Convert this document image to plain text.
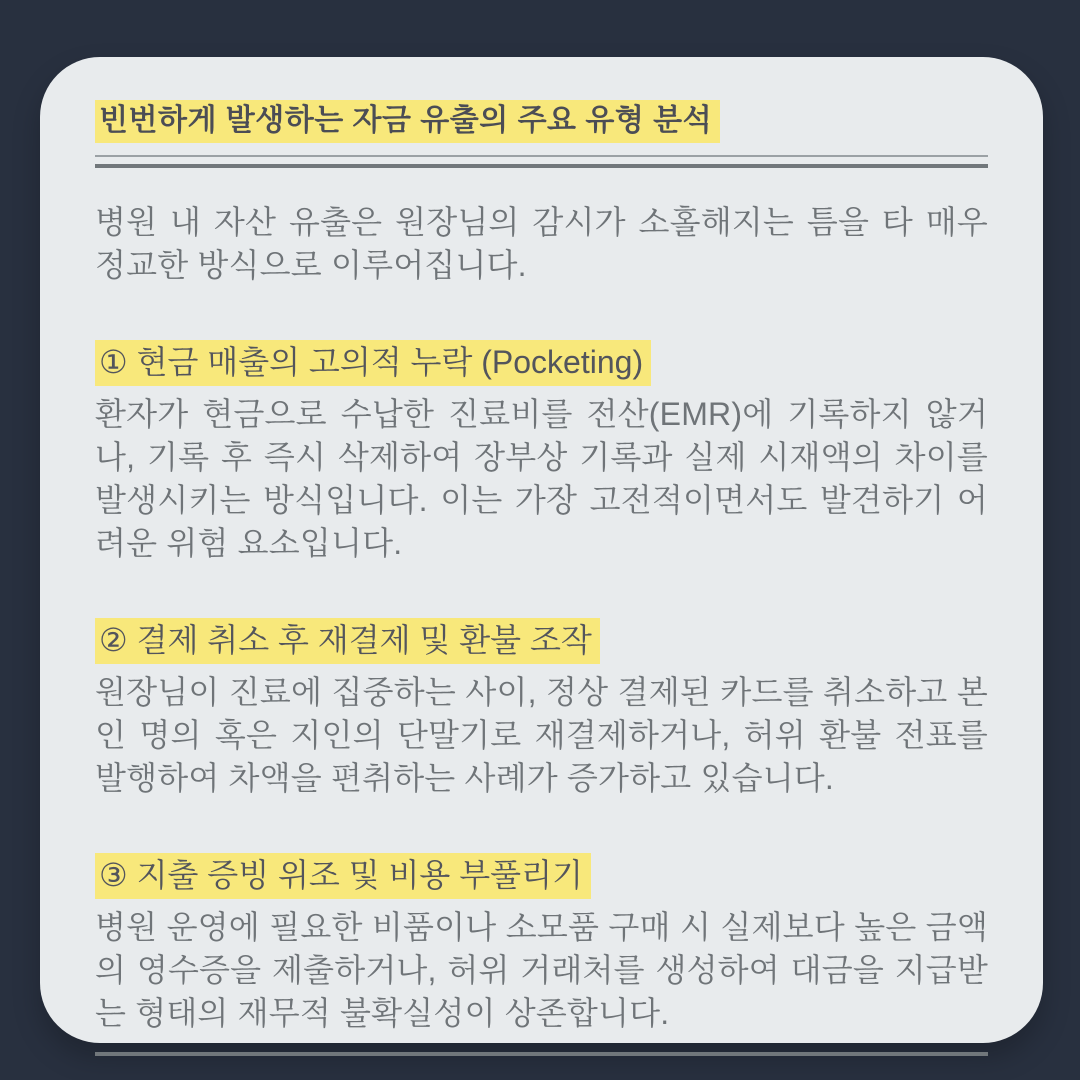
빈번하게 발생하는 자금 유출의 주요 유형 분석

병원 내 자산 유출은 원장님의 감시가 소홀해지는 틈을 타 매우 정교한 방식으로 이루어집니다.

① 현금 매출의 고의적 누락 (Pocketing)

환자가 현금으로 수납한 진료비를 전산(EMR)에 기록하지 않거나, 기록 후 즉시 삭제하여 장부상 기록과 실제 시재액의 차이를 발생시키는 방식입니다. 이는 가장 고전적이면서도 발견하기 어려운 위험 요소입니다.

② 결제 취소 후 재결제 및 환불 조작

원장님이 진료에 집중하는 사이, 정상 결제된 카드를 취소하고 본인 명의 혹은 지인의 단말기로 재결제하거나, 허위 환불 전표를 발행하여 차액을 편취하는 사례가 증가하고 있습니다.

③ 지출 증빙 위조 및 비용 부풀리기

병원 운영에 필요한 비품이나 소모품 구매 시 실제보다 높은 금액의 영수증을 제출하거나, 허위 거래처를 생성하여 대금을 지급받는 형태의 재무적 불확실성이 상존합니다.
